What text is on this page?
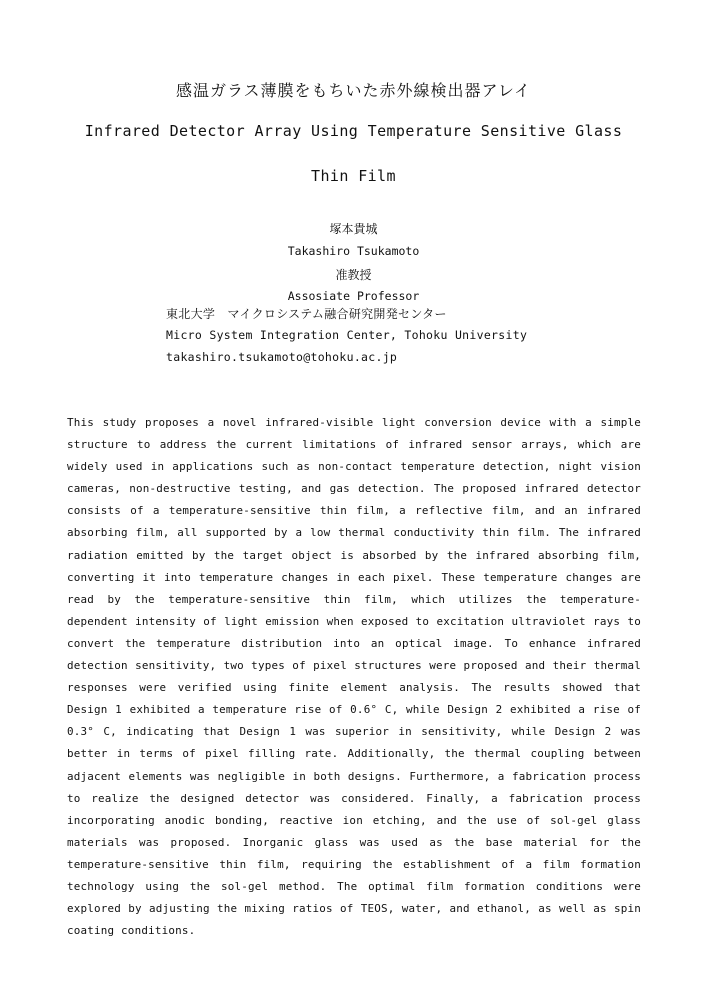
感温ガラス薄膜をもちいた赤外線検出器アレイ
Infrared Detector Array Using Temperature Sensitive Glass
Thin Film
塚本貴城
Takashiro Tsukamoto
准教授
Assosiate Professor
東北大学　マイクロシステム融合研究開発センター
Micro System Integration Center, Tohoku University
takashiro.tsukamoto@tohoku.ac.jp
This study proposes a novel infrared-visible light conversion device with a simple structure to address the current limitations of infrared sensor arrays, which are widely used in applications such as non-contact temperature detection, night vision cameras, non-destructive testing, and gas detection. The proposed infrared detector consists of a temperature-sensitive thin film, a reflective film, and an infrared absorbing film, all supported by a low thermal conductivity thin film. The infrared radiation emitted by the target object is absorbed by the infrared absorbing film, converting it into temperature changes in each pixel. These temperature changes are read by the temperature-sensitive thin film, which utilizes the temperature-dependent intensity of light emission when exposed to excitation ultraviolet rays to convert the temperature distribution into an optical image. To enhance infrared detection sensitivity, two types of pixel structures were proposed and their thermal responses were verified using finite element analysis. The results showed that Design 1 exhibited a temperature rise of 0.6° C, while Design 2 exhibited a rise of 0.3° C, indicating that Design 1 was superior in sensitivity, while Design 2 was better in terms of pixel filling rate. Additionally, the thermal coupling between adjacent elements was negligible in both designs. Furthermore, a fabrication process to realize the designed detector was considered. Finally, a fabrication process incorporating anodic bonding, reactive ion etching, and the use of sol-gel glass materials was proposed. Inorganic glass was used as the base material for the temperature-sensitive thin film, requiring the establishment of a film formation technology using the sol-gel method. The optimal film formation conditions were explored by adjusting the mixing ratios of TEOS, water, and ethanol, as well as spin coating conditions.
